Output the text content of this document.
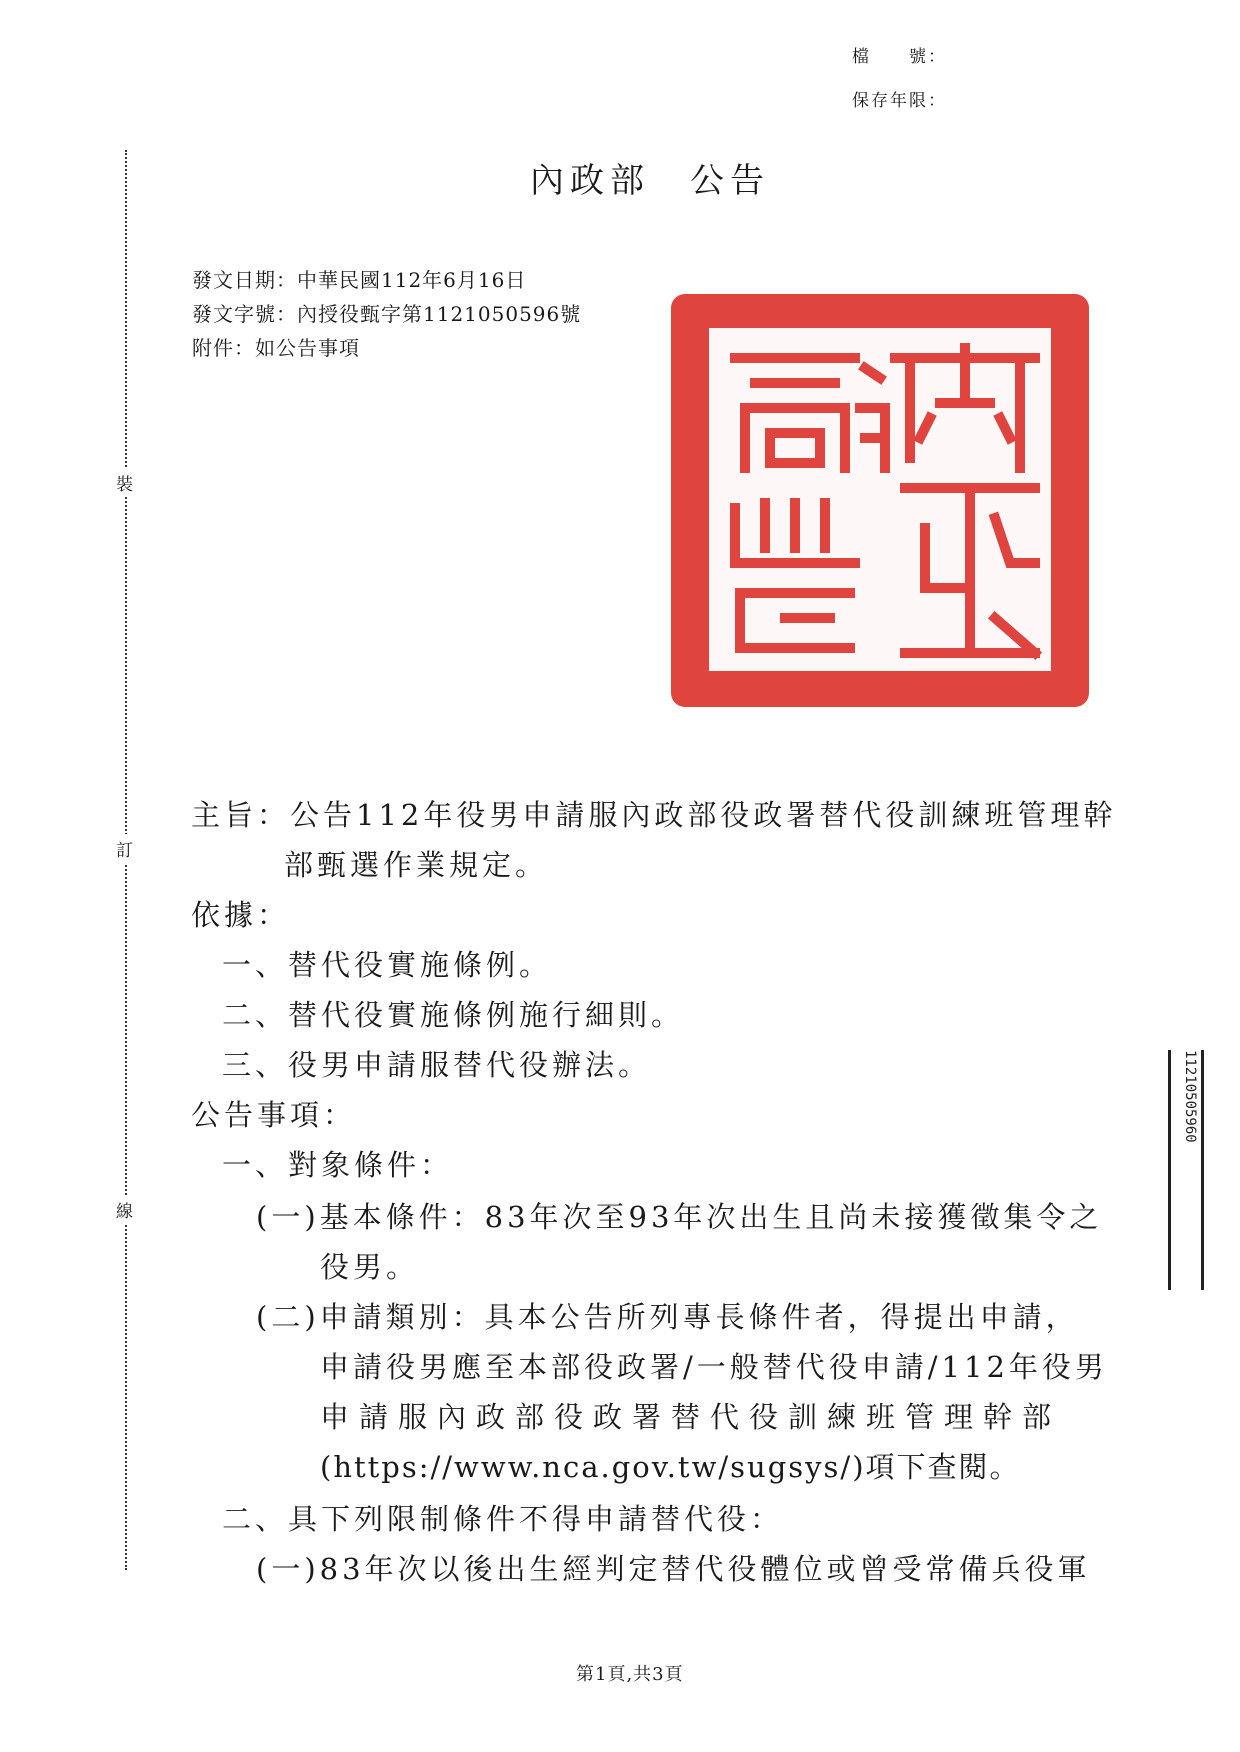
檔　　號：
保存年限：
裝
訂
線
內政部　公告
發文日期：中華民國112年6月16日
發文字號：內授役甄字第1121050596號
附件：如公告事項
主旨：公告112年役男申請服內政部役政署替代役訓練班管理幹
部甄選作業規定。
依據：
一、替代役實施條例。
二、替代役實施條例施行細則。
三、役男申請服替代役辦法。
公告事項：
一、對象條件：
(一)基本條件：83年次至93年次出生且尚未接獲徵集令之
役男。
(二)申請類別：具本公告所列專長條件者，得提出申請，
申請役男應至本部役政署/一般替代役申請/112年役男
申請服內政部役政署替代役訓練班管理幹部
(https://www.nca.gov.tw/sugsys/)項下查閱。
二、具下列限制條件不得申請替代役：
(一)83年次以後出生經判定替代役體位或曾受常備兵役軍
11210505960
第1頁,共3頁
